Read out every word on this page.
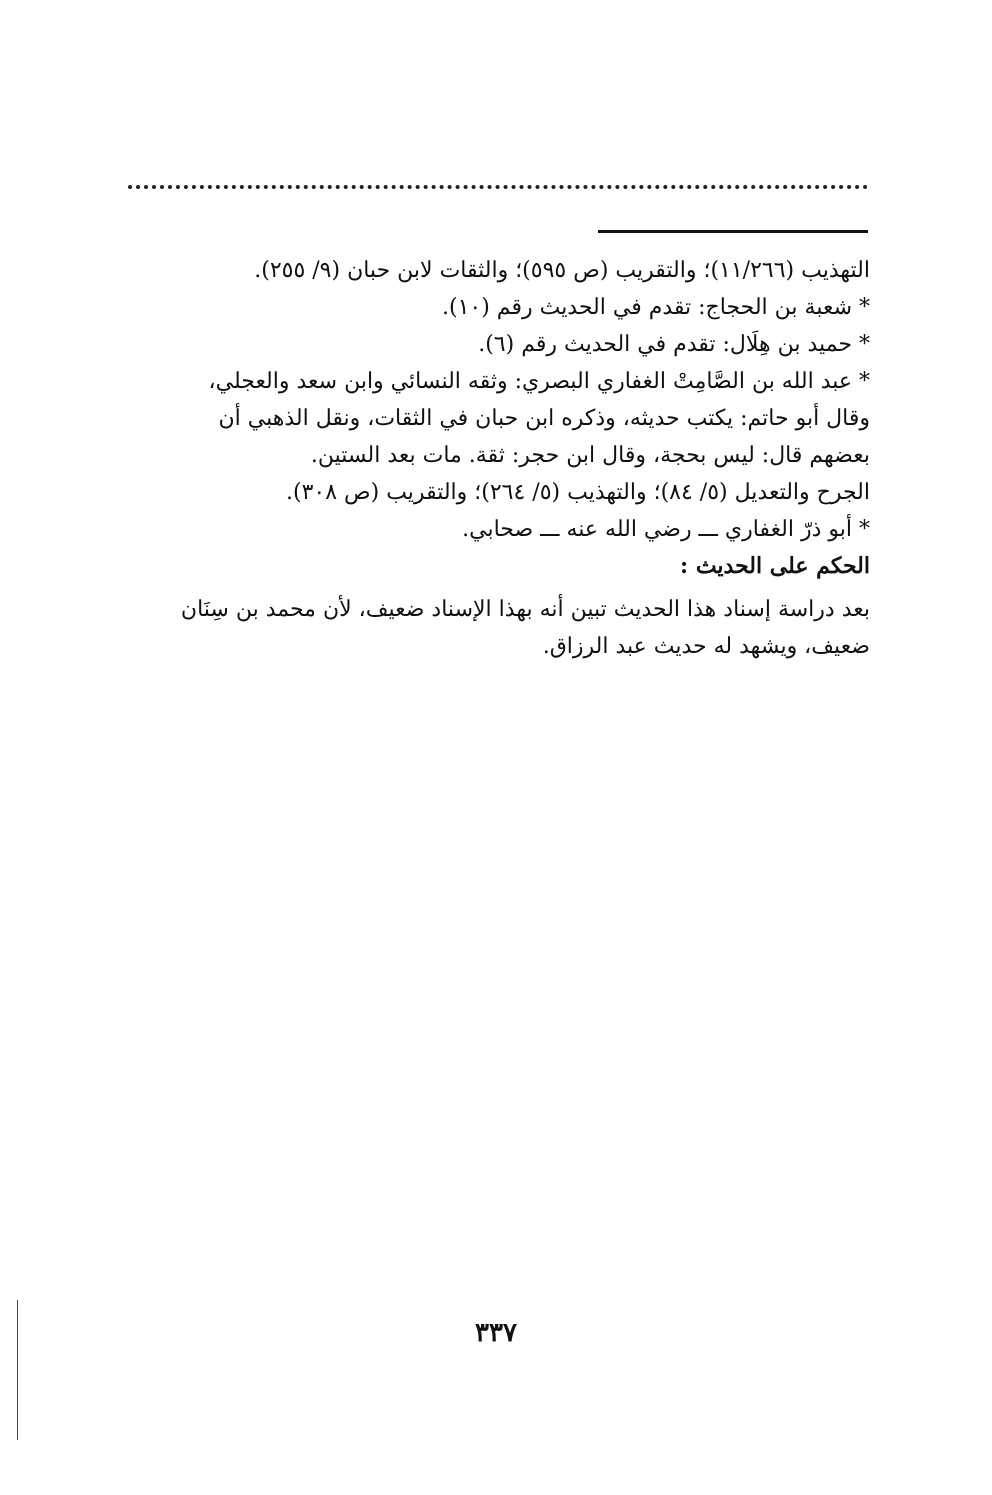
التهذيب (١١/٢٦٦)؛ والتقريب (ص ٥٩٥)؛ والثقات لابن حبان (٩/ ٢٥٥).
* شعبة بن الحجاج: تقدم في الحديث رقم (١٠).
* حميد بن هِلَال: تقدم في الحديث رقم (٦).
* عبد الله بن الصَّامِتْ الغفاري البصري: وثقه النسائي وابن سعد والعجلي،
وقال أبو حاتم: يكتب حديثه، وذكره ابن حبان في الثقات، ونقل الذهبي أن
بعضهم قال: ليس بحجة، وقال ابن حجر: ثقة. مات بعد الستين.
الجرح والتعديل (٥/ ٨٤)؛ والتهذيب (٥/ ٢٦٤)؛ والتقريب (ص ٣٠٨).
* أبو ذرّ الغفاري ـــ رضي الله عنه ـــ صحابي.
الحكم على الحديث :
بعد دراسة إسناد هذا الحديث تبين أنه بهذا الإسناد ضعيف، لأن محمد بن سِنَان
ضعيف، ويشهد له حديث عبد الرزاق.
٣٣٧
